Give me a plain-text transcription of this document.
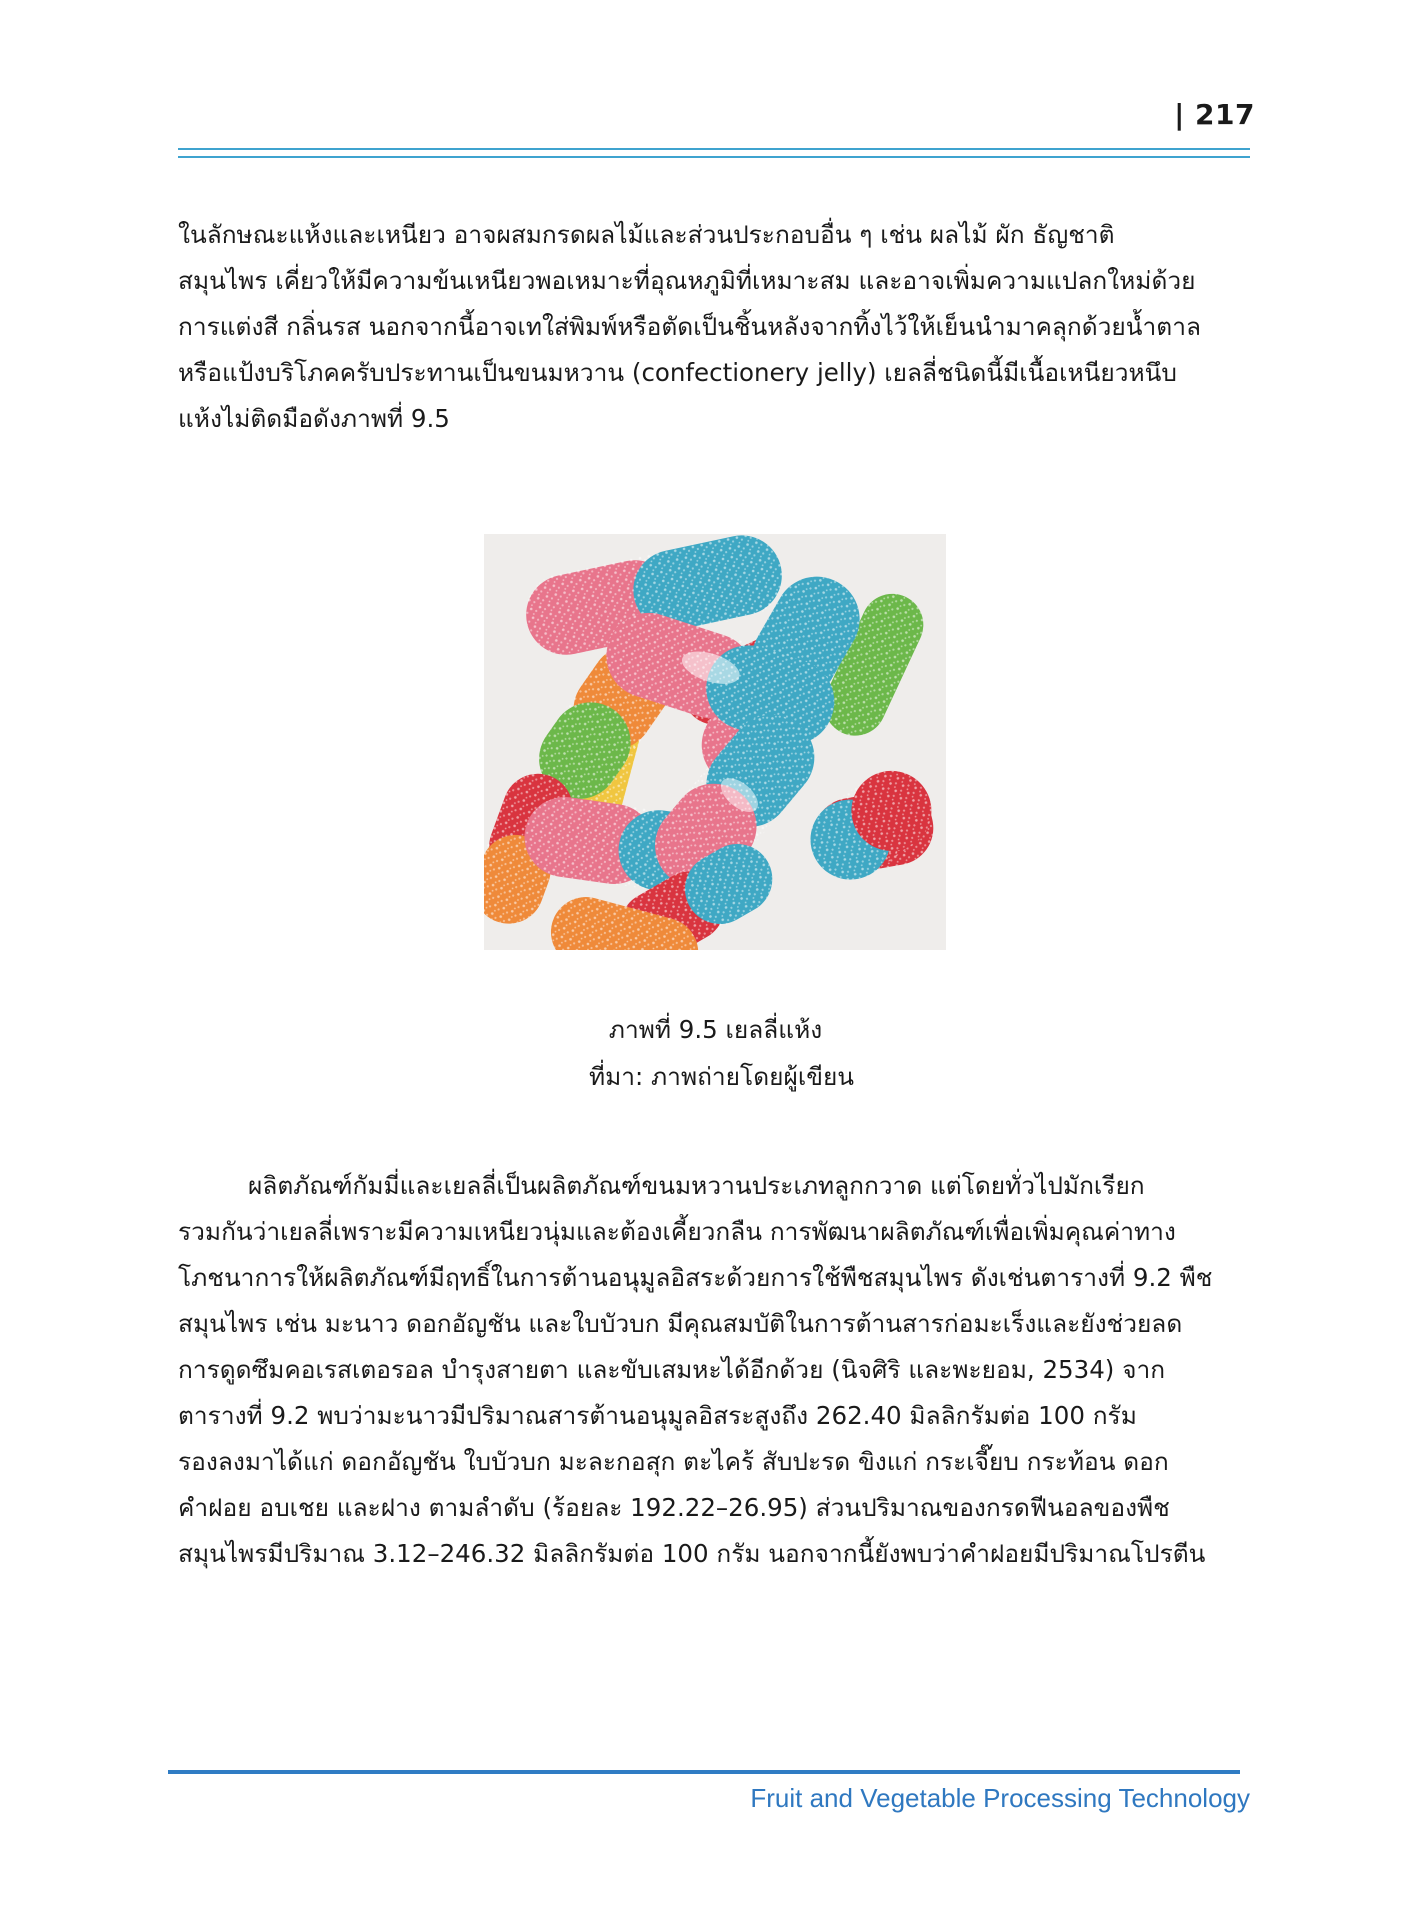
| 217

ในลักษณะแห้งและเหนียว อาจผสมกรดผลไม้และส่วนประกอบอื่น ๆ เช่น ผลไม้ ผัก ธัญชาติ
สมุนไพร เคี่ยวให้มีความข้นเหนียวพอเหมาะที่อุณหภูมิที่เหมาะสม และอาจเพิ่มความแปลกใหม่ด้วย
การแต่งสี กลิ่นรส นอกจากนี้อาจเทใส่พิมพ์หรือตัดเป็นชิ้นหลังจากทิ้งไว้ให้เย็นนำมาคลุกด้วยน้ำตาล
หรือแป้งบริโภคครับประทานเป็นขนมหวาน (confectionery jelly) เยลลี่ชนิดนี้มีเนื้อเหนียวหนึบ
แห้งไม่ติดมือดังภาพที่ 9.5

ภาพที่ 9.5 เยลลี่แห้ง

ที่มา: ภาพถ่ายโดยผู้เขียน

ผลิตภัณฑ์กัมมี่และเยลลี่เป็นผลิตภัณฑ์ขนมหวานประเภทลูกกวาด แต่โดยทั่วไปมักเรียก
รวมกันว่าเยลลี่เพราะมีความเหนียวนุ่มและต้องเคี้ยวกลืน การพัฒนาผลิตภัณฑ์เพื่อเพิ่มคุณค่าทาง
โภชนาการให้ผลิตภัณฑ์มีฤทธิ์ในการต้านอนุมูลอิสระด้วยการใช้พืชสมุนไพร ดังเช่นตารางที่ 9.2 พืช
สมุนไพร เช่น มะนาว ดอกอัญชัน และใบบัวบก มีคุณสมบัติในการต้านสารก่อมะเร็งและยังช่วยลด
การดูดซึมคอเรสเตอรอล บำรุงสายตา และขับเสมหะได้อีกด้วย (นิจศิริ และพะยอม, 2534) จาก
ตารางที่ 9.2 พบว่ามะนาวมีปริมาณสารต้านอนุมูลอิสระสูงถึง 262.40 มิลลิกรัมต่อ 100 กรัม
รองลงมาได้แก่ ดอกอัญชัน ใบบัวบก มะละกอสุก ตะไคร้ สับปะรด ขิงแก่ กระเจี๊ยบ กระท้อน ดอก
คำฝอย อบเชย และฝาง ตามลำดับ (ร้อยละ 192.22–26.95) ส่วนปริมาณของกรดฟีนอลของพืช
สมุนไพรมีปริมาณ 3.12–246.32 มิลลิกรัมต่อ 100 กรัม นอกจากนี้ยังพบว่าคำฝอยมีปริมาณโปรตีน

Fruit and Vegetable Processing Technology
